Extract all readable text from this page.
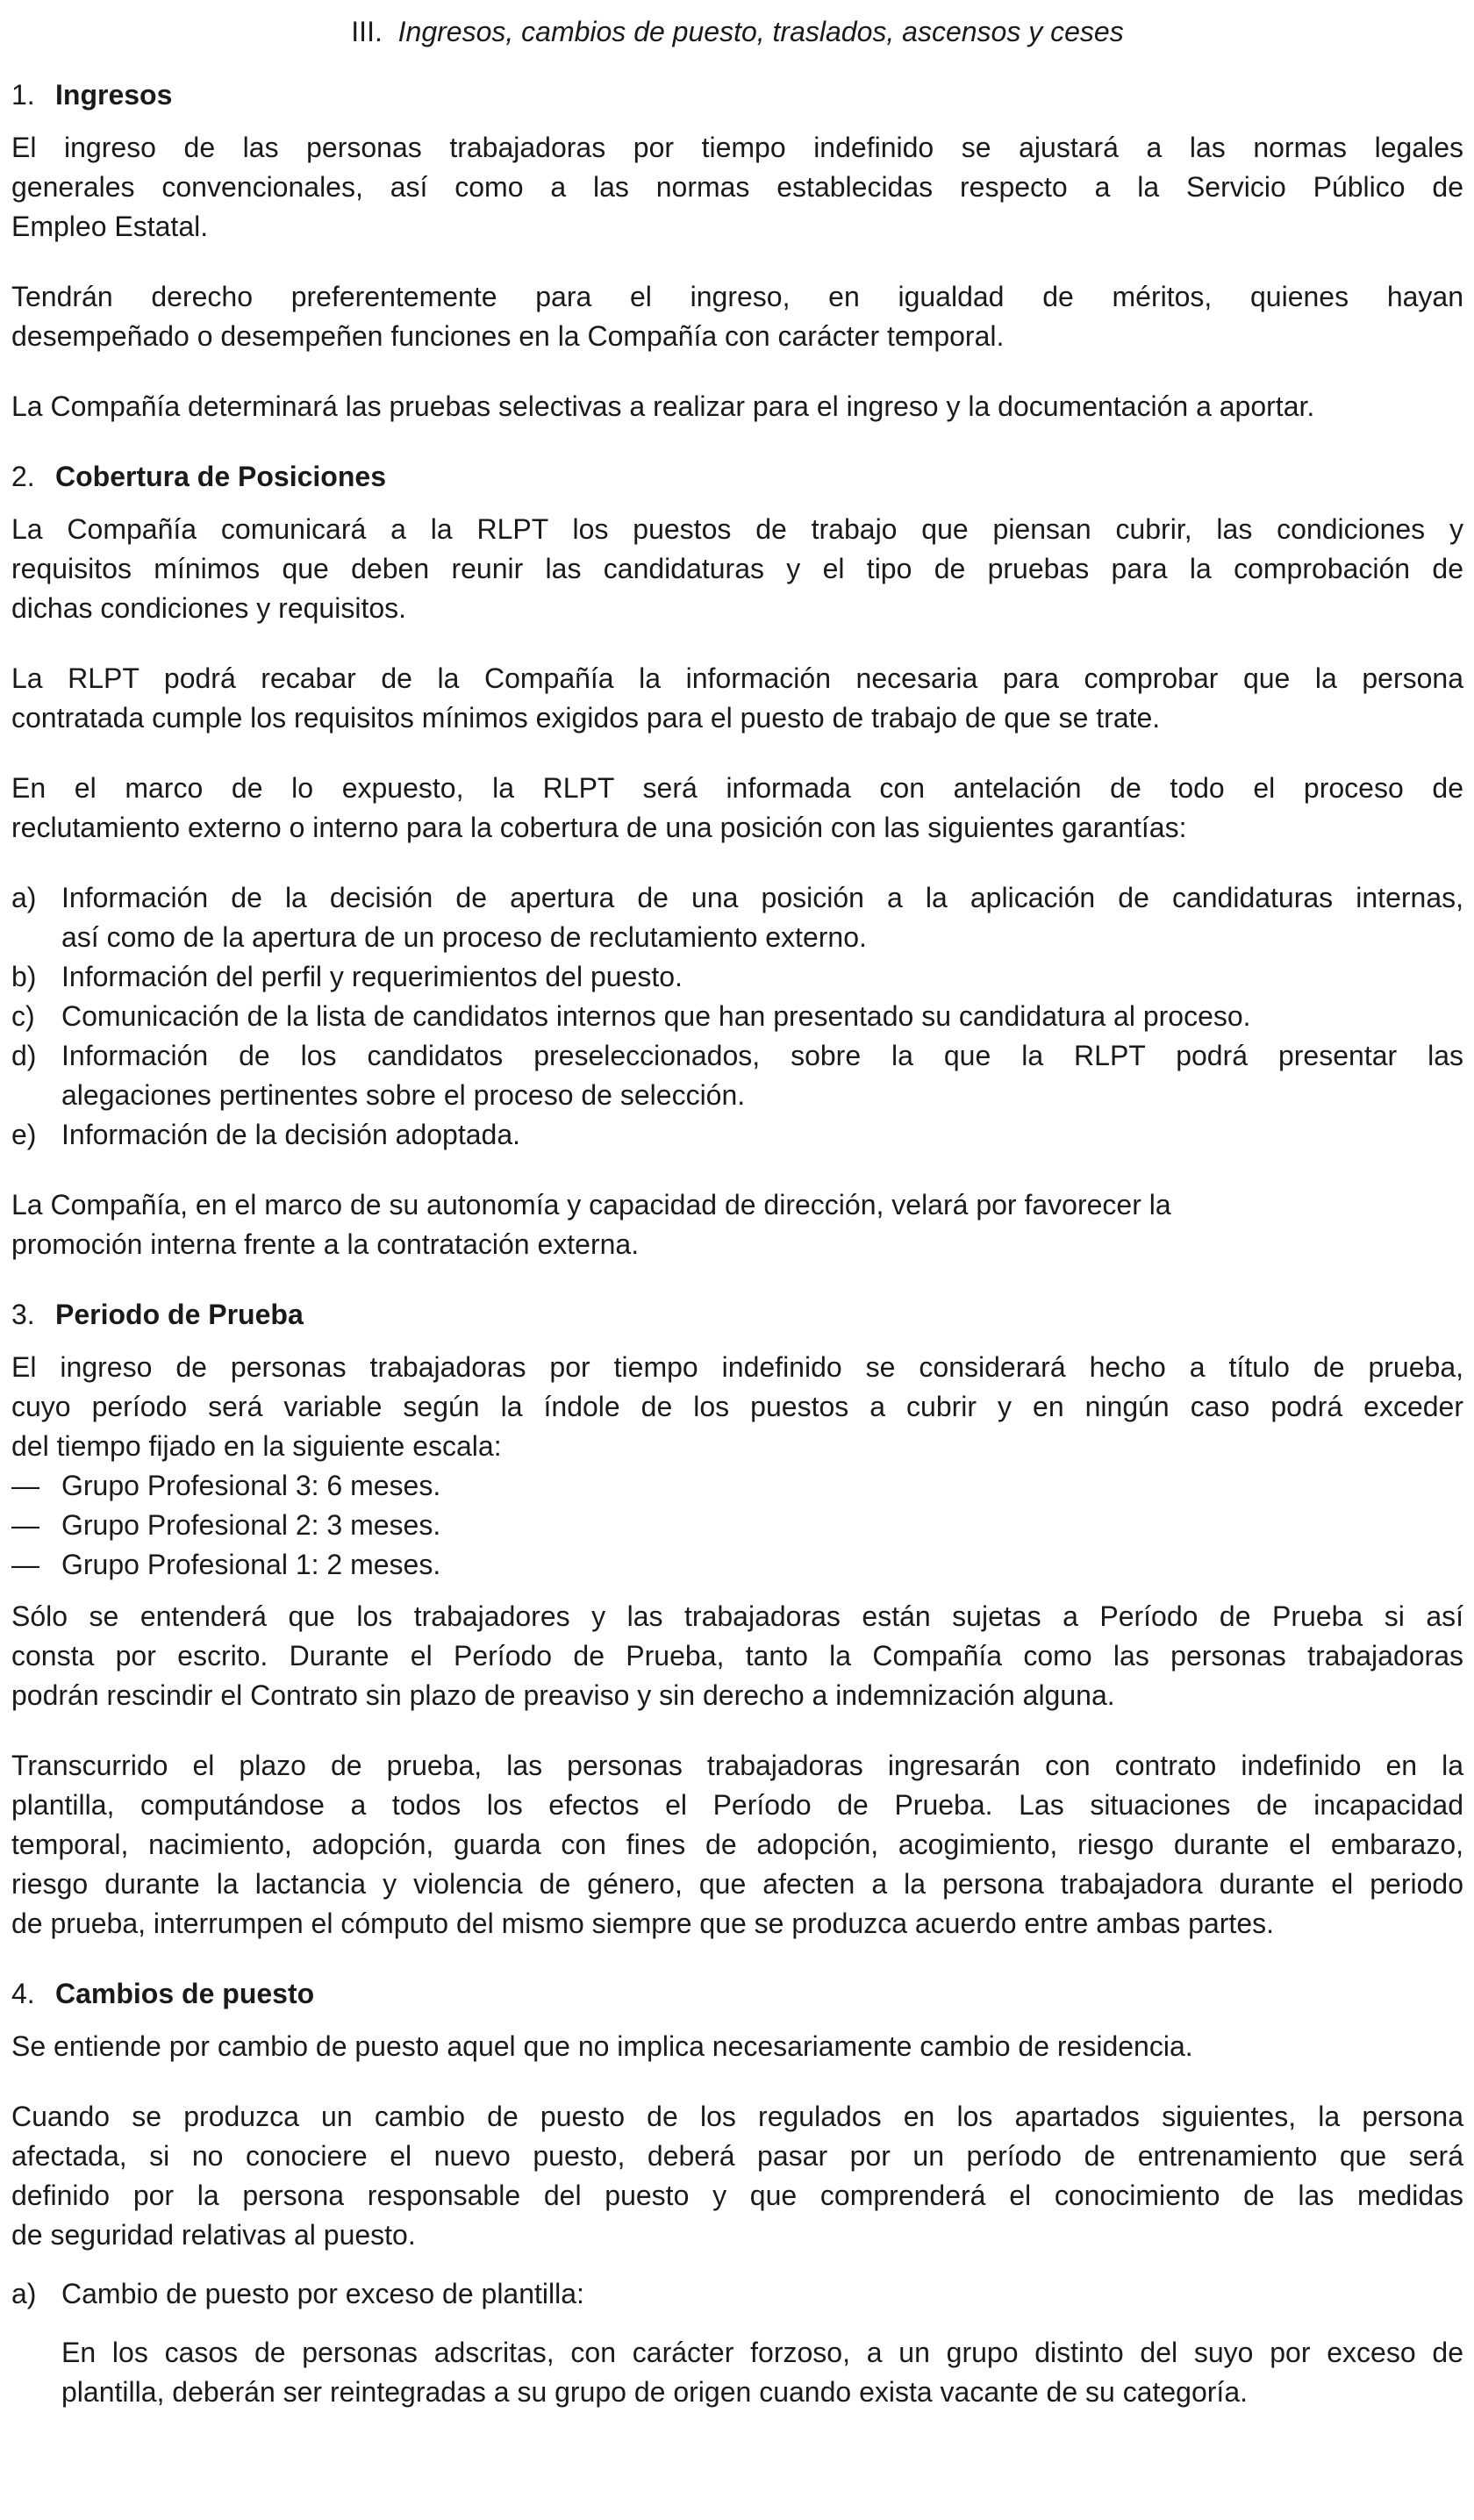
III. Ingresos, cambios de puesto, traslados, ascensos y ceses

1. Ingresos

El ingreso de las personas trabajadoras por tiempo indefinido se ajustará a las normas legales

generales convencionales, así como a las normas establecidas respecto a la Servicio Público de

Empleo Estatal.

Tendrán derecho preferentemente para el ingreso, en igualdad de méritos, quienes hayan

desempeñado o desempeñen funciones en la Compañía con carácter temporal.

La Compañía determinará las pruebas selectivas a realizar para el ingreso y la documentación a aportar.

2. Cobertura de Posiciones

La Compañía comunicará a la RLPT los puestos de trabajo que piensan cubrir, las condiciones y

requisitos mínimos que deben reunir las candidaturas y el tipo de pruebas para la comprobación de

dichas condiciones y requisitos.

La RLPT podrá recabar de la Compañía la información necesaria para comprobar que la persona

contratada cumple los requisitos mínimos exigidos para el puesto de trabajo de que se trate.

En el marco de lo expuesto, la RLPT será informada con antelación de todo el proceso de

reclutamiento externo o interno para la cobertura de una posición con las siguientes garantías:

a) Información de la decisión de apertura de una posición a la aplicación de candidaturas internas,

así como de la apertura de un proceso de reclutamiento externo.

b) Información del perfil y requerimientos del puesto.

c) Comunicación de la lista de candidatos internos que han presentado su candidatura al proceso.

d) Información de los candidatos preseleccionados, sobre la que la RLPT podrá presentar las

alegaciones pertinentes sobre el proceso de selección.

e) Información de la decisión adoptada.

La Compañía, en el marco de su autonomía y capacidad de dirección, velará por favorecer la

promoción interna frente a la contratación externa.

3. Periodo de Prueba

El ingreso de personas trabajadoras por tiempo indefinido se considerará hecho a título de prueba,

cuyo período será variable según la índole de los puestos a cubrir y en ningún caso podrá exceder

del tiempo fijado en la siguiente escala:

— Grupo Profesional 3: 6 meses.

— Grupo Profesional 2: 3 meses.

— Grupo Profesional 1: 2 meses.

Sólo se entenderá que los trabajadores y las trabajadoras están sujetas a Período de Prueba si así

consta por escrito. Durante el Período de Prueba, tanto la Compañía como las personas trabajadoras

podrán rescindir el Contrato sin plazo de preaviso y sin derecho a indemnización alguna.

Transcurrido el plazo de prueba, las personas trabajadoras ingresarán con contrato indefinido en la

plantilla, computándose a todos los efectos el Período de Prueba. Las situaciones de incapacidad

temporal, nacimiento, adopción, guarda con fines de adopción, acogimiento, riesgo durante el embarazo,

riesgo durante la lactancia y violencia de género, que afecten a la persona trabajadora durante el periodo

de prueba, interrumpen el cómputo del mismo siempre que se produzca acuerdo entre ambas partes.

4. Cambios de puesto

Se entiende por cambio de puesto aquel que no implica necesariamente cambio de residencia.

Cuando se produzca un cambio de puesto de los regulados en los apartados siguientes, la persona

afectada, si no conociere el nuevo puesto, deberá pasar por un período de entrenamiento que será

definido por la persona responsable del puesto y que comprenderá el conocimiento de las medidas

de seguridad relativas al puesto.

a) Cambio de puesto por exceso de plantilla:

En los casos de personas adscritas, con carácter forzoso, a un grupo distinto del suyo por exceso de

plantilla, deberán ser reintegradas a su grupo de origen cuando exista vacante de su categoría.
